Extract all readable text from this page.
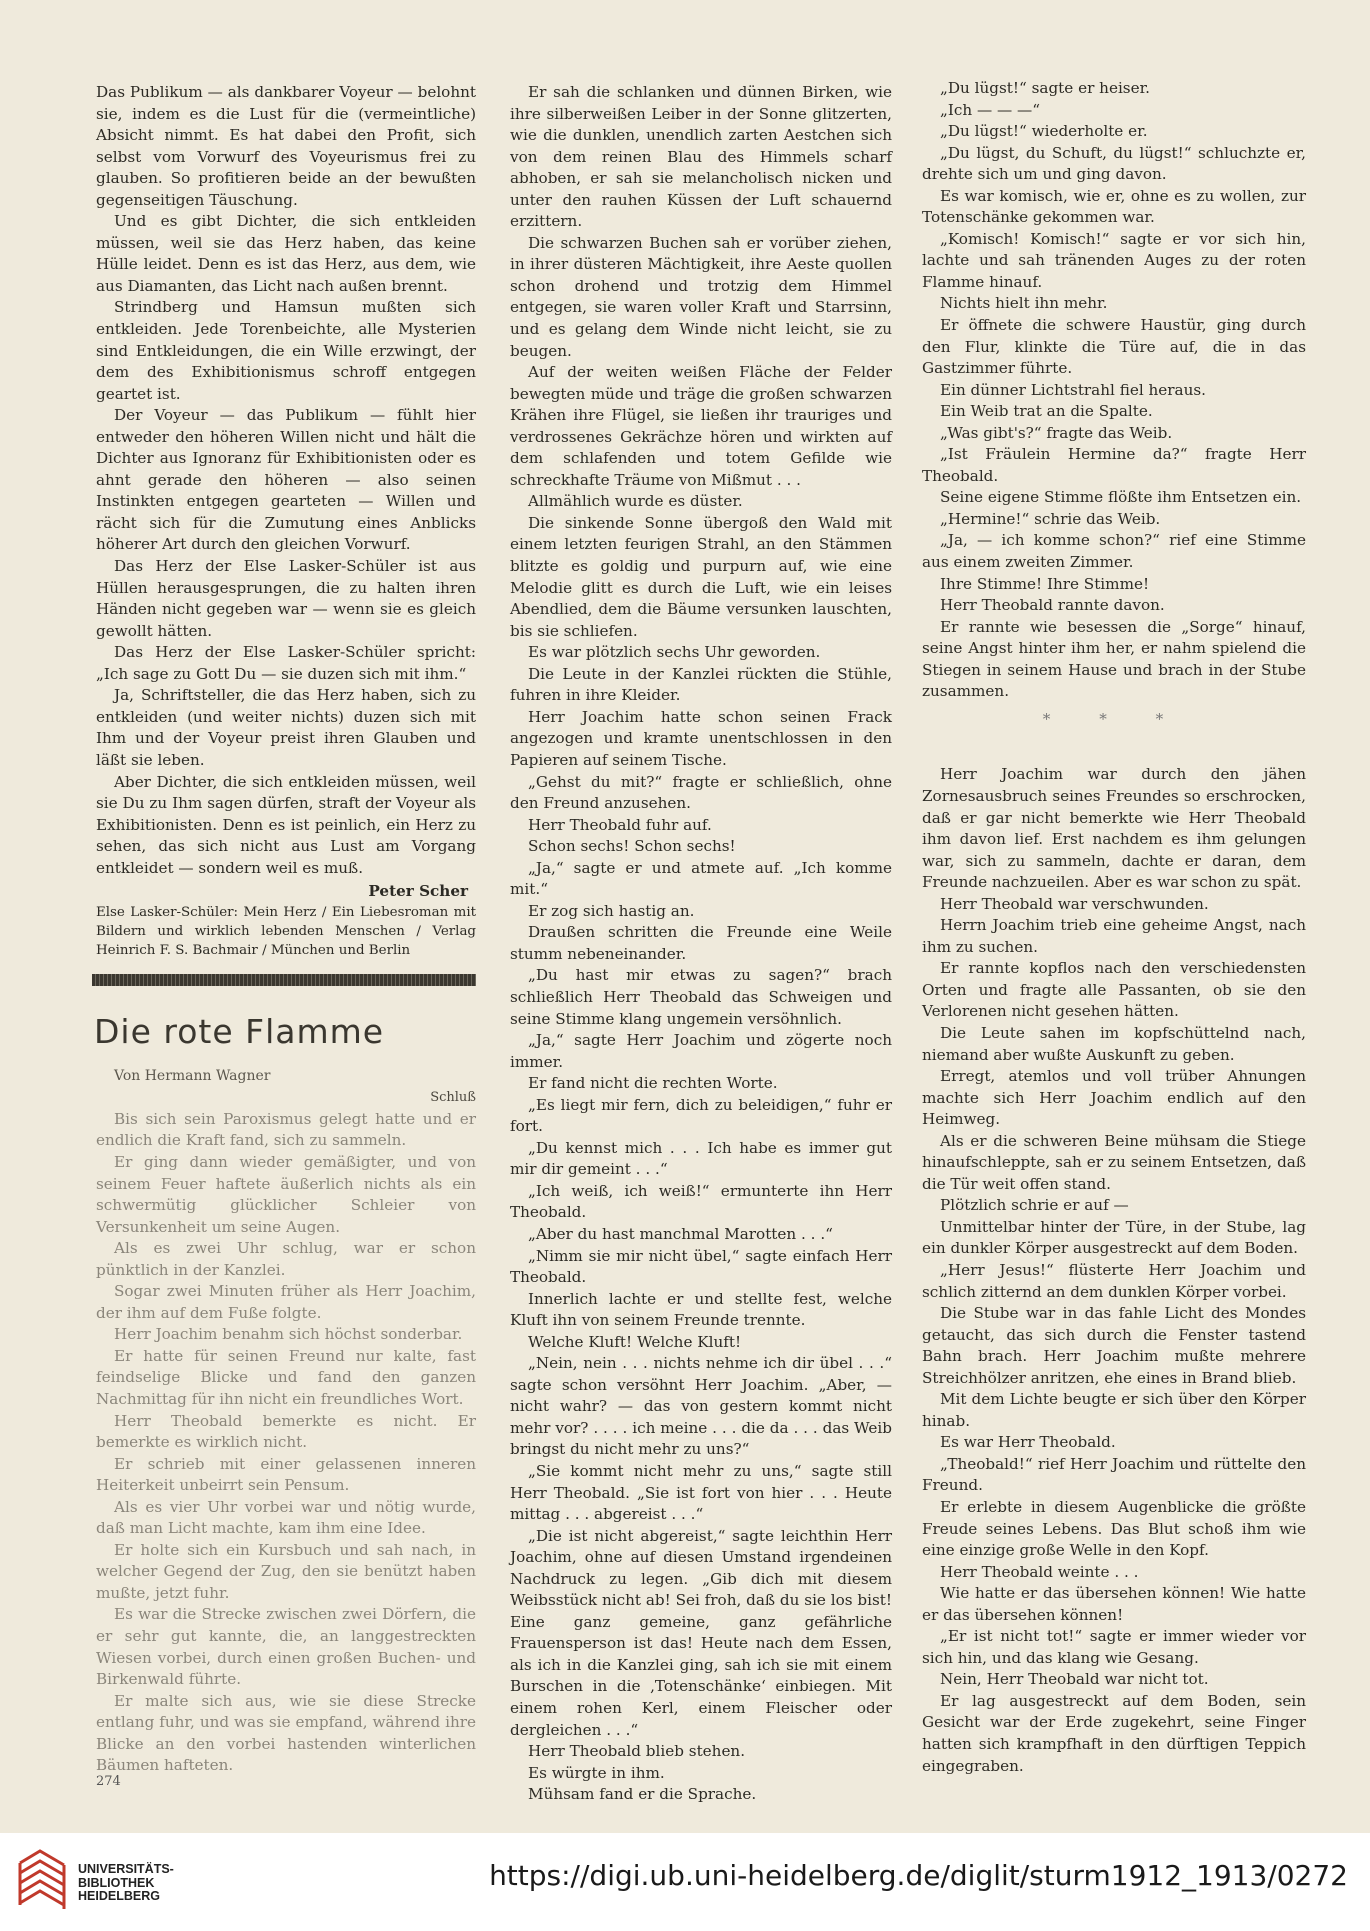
Das Publikum — als dankbarer Voyeur — belohnt sie, indem es die Lust für die (vermeintliche) Absicht nimmt. Es hat dabei den Profit, sich selbst vom Vorwurf des Voyeurismus frei zu glauben. So profitieren beide an der bewußten gegenseitigen Täuschung.

Und es gibt Dichter, die sich entkleiden müssen, weil sie das Herz haben, das keine Hülle leidet. Denn es ist das Herz, aus dem, wie aus Diamanten, das Licht nach außen brennt.

Strindberg und Hamsun mußten sich entkleiden. Jede Torenbeichte, alle Mysterien sind Entkleidungen, die ein Wille erzwingt, der dem des Exhibitionismus schroff entgegen geartet ist.

Der Voyeur — das Publikum — fühlt hier entweder den höheren Willen nicht und hält die Dichter aus Ignoranz für Exhibitionisten oder es ahnt gerade den höheren — also seinen Instinkten entgegen gearteten — Willen und rächt sich für die Zumutung eines Anblicks höherer Art durch den gleichen Vorwurf.

Das Herz der Else Lasker-Schüler ist aus Hüllen herausgesprungen, die zu halten ihren Händen nicht gegeben war — wenn sie es gleich gewollt hätten.

Das Herz der Else Lasker-Schüler spricht: „Ich sage zu Gott Du — sie duzen sich mit ihm.“

Ja, Schriftsteller, die das Herz haben, sich zu entkleiden (und weiter nichts) duzen sich mit Ihm und der Voyeur preist ihren Glauben und läßt sie leben.

Aber Dichter, die sich entkleiden müssen, weil sie Du zu Ihm sagen dürfen, straft der Voyeur als Exhibitionisten. Denn es ist peinlich, ein Herz zu sehen, das sich nicht aus Lust am Vorgang entkleidet — sondern weil es muß.

Peter Scher

Else Lasker-Schüler: Mein Herz / Ein Liebesroman mit Bildern und wirklich lebenden Menschen / Verlag Heinrich F. S. Bachmair / München und Berlin

Die rote Flamme

Von Hermann Wagner

Schluß

Bis sich sein Paroxismus gelegt hatte und er endlich die Kraft fand, sich zu sammeln.

Er ging dann wieder gemäßigter, und von seinem Feuer haftete äußerlich nichts als ein schwermütig glücklicher Schleier von Versunkenheit um seine Augen.

Als es zwei Uhr schlug, war er schon pünktlich in der Kanzlei.

Sogar zwei Minuten früher als Herr Joachim, der ihm auf dem Fuße folgte.

Herr Joachim benahm sich höchst sonderbar.

Er hatte für seinen Freund nur kalte, fast feindselige Blicke und fand den ganzen Nachmittag für ihn nicht ein freundliches Wort.

Herr Theobald bemerkte es nicht. Er bemerkte es wirklich nicht.

Er schrieb mit einer gelassenen inneren Heiterkeit unbeirrt sein Pensum.

Als es vier Uhr vorbei war und nötig wurde, daß man Licht machte, kam ihm eine Idee.

Er holte sich ein Kursbuch und sah nach, in welcher Gegend der Zug, den sie benützt haben mußte, jetzt fuhr.

Es war die Strecke zwischen zwei Dörfern, die er sehr gut kannte, die, an langgestreckten Wiesen vorbei, durch einen großen Buchen- und Birkenwald führte.

Er malte sich aus, wie sie diese Strecke entlang fuhr, und was sie empfand, während ihre Blicke an den vorbei hastenden winterlichen Bäumen hafteten.

Er sah die schlanken und dünnen Birken, wie ihre silberweißen Leiber in der Sonne glitzerten, wie die dunklen, unendlich zarten Aestchen sich von dem reinen Blau des Himmels scharf abhoben, er sah sie melancholisch nicken und unter den rauhen Küssen der Luft schauernd erzittern.

Die schwarzen Buchen sah er vorüber ziehen, in ihrer düsteren Mächtigkeit, ihre Aeste quollen schon drohend und trotzig dem Himmel entgegen, sie waren voller Kraft und Starrsinn, und es gelang dem Winde nicht leicht, sie zu beugen.

Auf der weiten weißen Fläche der Felder bewegten müde und träge die großen schwarzen Krähen ihre Flügel, sie ließen ihr trauriges und verdrossenes Gekrächze hören und wirkten auf dem schlafenden und totem Gefilde wie schreckhafte Träume von Mißmut . . .

Allmählich wurde es düster.

Die sinkende Sonne übergoß den Wald mit einem letzten feurigen Strahl, an den Stämmen blitzte es goldig und purpurn auf, wie eine Melodie glitt es durch die Luft, wie ein leises Abendlied, dem die Bäume versunken lauschten, bis sie schliefen.

Es war plötzlich sechs Uhr geworden.

Die Leute in der Kanzlei rückten die Stühle, fuhren in ihre Kleider.

Herr Joachim hatte schon seinen Frack angezogen und kramte unentschlossen in den Papieren auf seinem Tische.

„Gehst du mit?“ fragte er schließlich, ohne den Freund anzusehen.

Herr Theobald fuhr auf.

Schon sechs! Schon sechs!

„Ja,“ sagte er und atmete auf. „Ich komme mit.“

Er zog sich hastig an.

Draußen schritten die Freunde eine Weile stumm nebeneinander.

„Du hast mir etwas zu sagen?“ brach schließlich Herr Theobald das Schweigen und seine Stimme klang ungemein versöhnlich.

„Ja,“ sagte Herr Joachim und zögerte noch immer.

Er fand nicht die rechten Worte.

„Es liegt mir fern, dich zu beleidigen,“ fuhr er fort.

„Du kennst mich . . . Ich habe es immer gut mir dir gemeint . . .“

„Ich weiß, ich weiß!“ ermunterte ihn Herr Theobald.

„Aber du hast manchmal Marotten . . .“

„Nimm sie mir nicht übel,“ sagte einfach Herr Theobald.

Innerlich lachte er und stellte fest, welche Kluft ihn von seinem Freunde trennte.

Welche Kluft! Welche Kluft!

„Nein, nein . . . nichts nehme ich dir übel . . .“ sagte schon versöhnt Herr Joachim. „Aber, — nicht wahr? — das von gestern kommt nicht mehr vor? . . . . ich meine . . . die da . . . das Weib bringst du nicht mehr zu uns?“

„Sie kommt nicht mehr zu uns,“ sagte still Herr Theobald. „Sie ist fort von hier . . . Heute mittag . . . abgereist . . .“

„Die ist nicht abgereist,“ sagte leichthin Herr Joachim, ohne auf diesen Umstand irgendeinen Nachdruck zu legen. „Gib dich mit diesem Weibsstück nicht ab! Sei froh, daß du sie los bist! Eine ganz gemeine, ganz gefährliche Frauensperson ist das! Heute nach dem Essen, als ich in die Kanzlei ging, sah ich sie mit einem Burschen in die ‚Totenschänke‘ einbiegen. Mit einem rohen Kerl, einem Fleischer oder dergleichen . . .“

Herr Theobald blieb stehen.

Es würgte in ihm.

Mühsam fand er die Sprache.

„Du lügst!“ sagte er heiser.

„Ich — — —“

„Du lügst!“ wiederholte er.

„Du lügst, du Schuft, du lügst!“ schluchzte er, drehte sich um und ging davon.

Es war komisch, wie er, ohne es zu wollen, zur Totenschänke gekommen war.

„Komisch! Komisch!“ sagte er vor sich hin, lachte und sah tränenden Auges zu der roten Flamme hinauf.

Nichts hielt ihn mehr.

Er öffnete die schwere Haustür, ging durch den Flur, klinkte die Türe auf, die in das Gastzimmer führte.

Ein dünner Lichtstrahl fiel heraus.

Ein Weib trat an die Spalte.

„Was gibt's?“ fragte das Weib.

„Ist Fräulein Hermine da?“ fragte Herr Theobald.

Seine eigene Stimme flößte ihm Entsetzen ein.

„Hermine!“ schrie das Weib.

„Ja, — ich komme schon?“ rief eine Stimme aus einem zweiten Zimmer.

Ihre Stimme! Ihre Stimme!

Herr Theobald rannte davon.

Er rannte wie besessen die „Sorge“ hinauf, seine Angst hinter ihm her, er nahm spielend die Stiegen in seinem Hause und brach in der Stube zusammen.

* * *

Herr Joachim war durch den jähen Zornesausbruch seines Freundes so erschrocken, daß er gar nicht bemerkte wie Herr Theobald ihm davon lief. Erst nachdem es ihm gelungen war, sich zu sammeln, dachte er daran, dem Freunde nachzueilen. Aber es war schon zu spät.

Herr Theobald war verschwunden.

Herrn Joachim trieb eine geheime Angst, nach ihm zu suchen.

Er rannte kopflos nach den verschiedensten Orten und fragte alle Passanten, ob sie den Verlorenen nicht gesehen hätten.

Die Leute sahen im kopfschüttelnd nach, niemand aber wußte Auskunft zu geben.

Erregt, atemlos und voll trüber Ahnungen machte sich Herr Joachim endlich auf den Heimweg.

Als er die schweren Beine mühsam die Stiege hinaufschleppte, sah er zu seinem Entsetzen, daß die Tür weit offen stand.

Plötzlich schrie er auf —

Unmittelbar hinter der Türe, in der Stube, lag ein dunkler Körper ausgestreckt auf dem Boden.

„Herr Jesus!“ flüsterte Herr Joachim und schlich zitternd an dem dunklen Körper vorbei.

Die Stube war in das fahle Licht des Mondes getaucht, das sich durch die Fenster tastend Bahn brach. Herr Joachim mußte mehrere Streichhölzer anritzen, ehe eines in Brand blieb.

Mit dem Lichte beugte er sich über den Körper hinab.

Es war Herr Theobald.

„Theobald!“ rief Herr Joachim und rüttelte den Freund.

Er erlebte in diesem Augenblicke die größte Freude seines Lebens. Das Blut schoß ihm wie eine einzige große Welle in den Kopf.

Herr Theobald weinte . . .

Wie hatte er das übersehen können! Wie hatte er das übersehen können!

„Er ist nicht tot!“ sagte er immer wieder vor sich hin, und das klang wie Gesang.

Nein, Herr Theobald war nicht tot.

Er lag ausgestreckt auf dem Boden, sein Gesicht war der Erde zugekehrt, seine Finger hatten sich krampfhaft in den dürftigen Teppich eingegraben.

274
UNIVERSITÄTS-
BIBLIOTHEK
HEIDELBERG
https://digi.ub.uni-heidelberg.de/diglit/sturm1912_1913/0272
